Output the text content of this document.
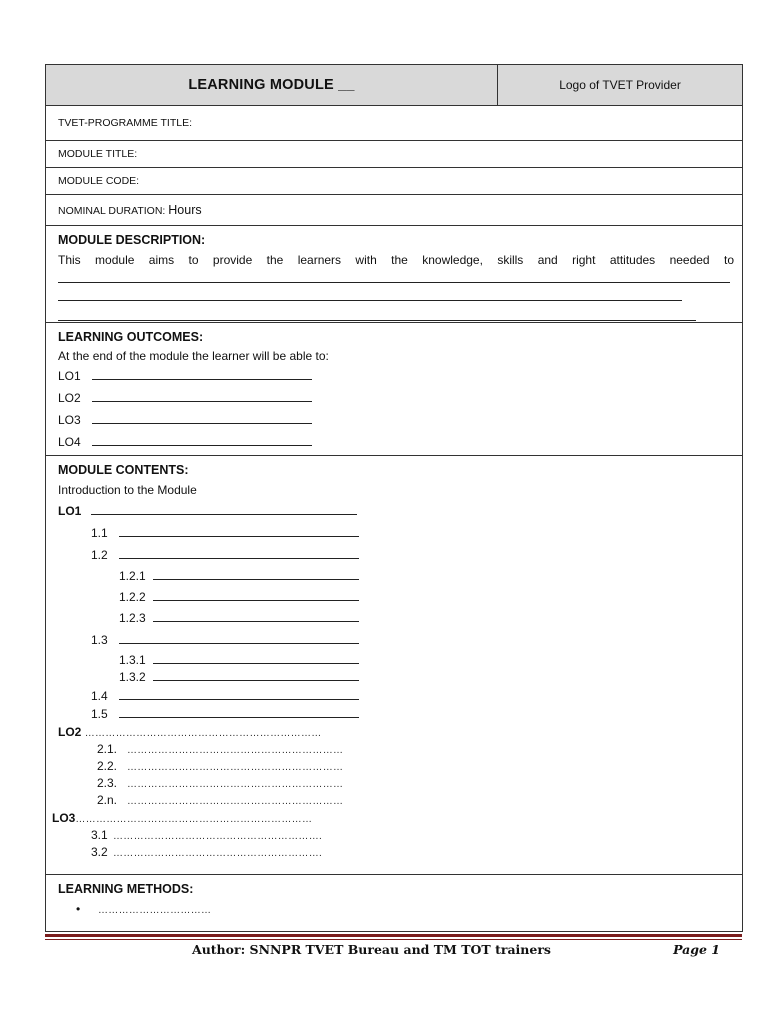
LEARNING MODULE __	Logo of TVET Provider
TVET-PROGRAMME TITLE:
MODULE TITLE:
MODULE CODE:
NOMINAL DURATION: Hours

MODULE DESCRIPTION:
This module aims to provide the learners with the knowledge, skills and right attitudes needed to

LEARNING OUTCOMES:
At the end of the module the learner will be able to:
LO1
LO2
LO3
LO4

MODULE CONTENTS:
Introduction to the Module
LO1
1.1
1.2
1.2.1
1.2.2
1.2.3
1.3
1.3.1
1.3.2
1.4
1.5
LO2 ……………………………………………………………
2.1. ………………………………………………………
2.2. ………………………………………………………
2.3. ………………………………………………………
2.n. ………………………………………………………
LO3……………………………………………………………
3.1 …………………………………………………….
3.2 …………………………………………………….

LEARNING METHODS:
• ……………………………
Author: SNNPR TVET Bureau and TM TOT trainers	Page 1
